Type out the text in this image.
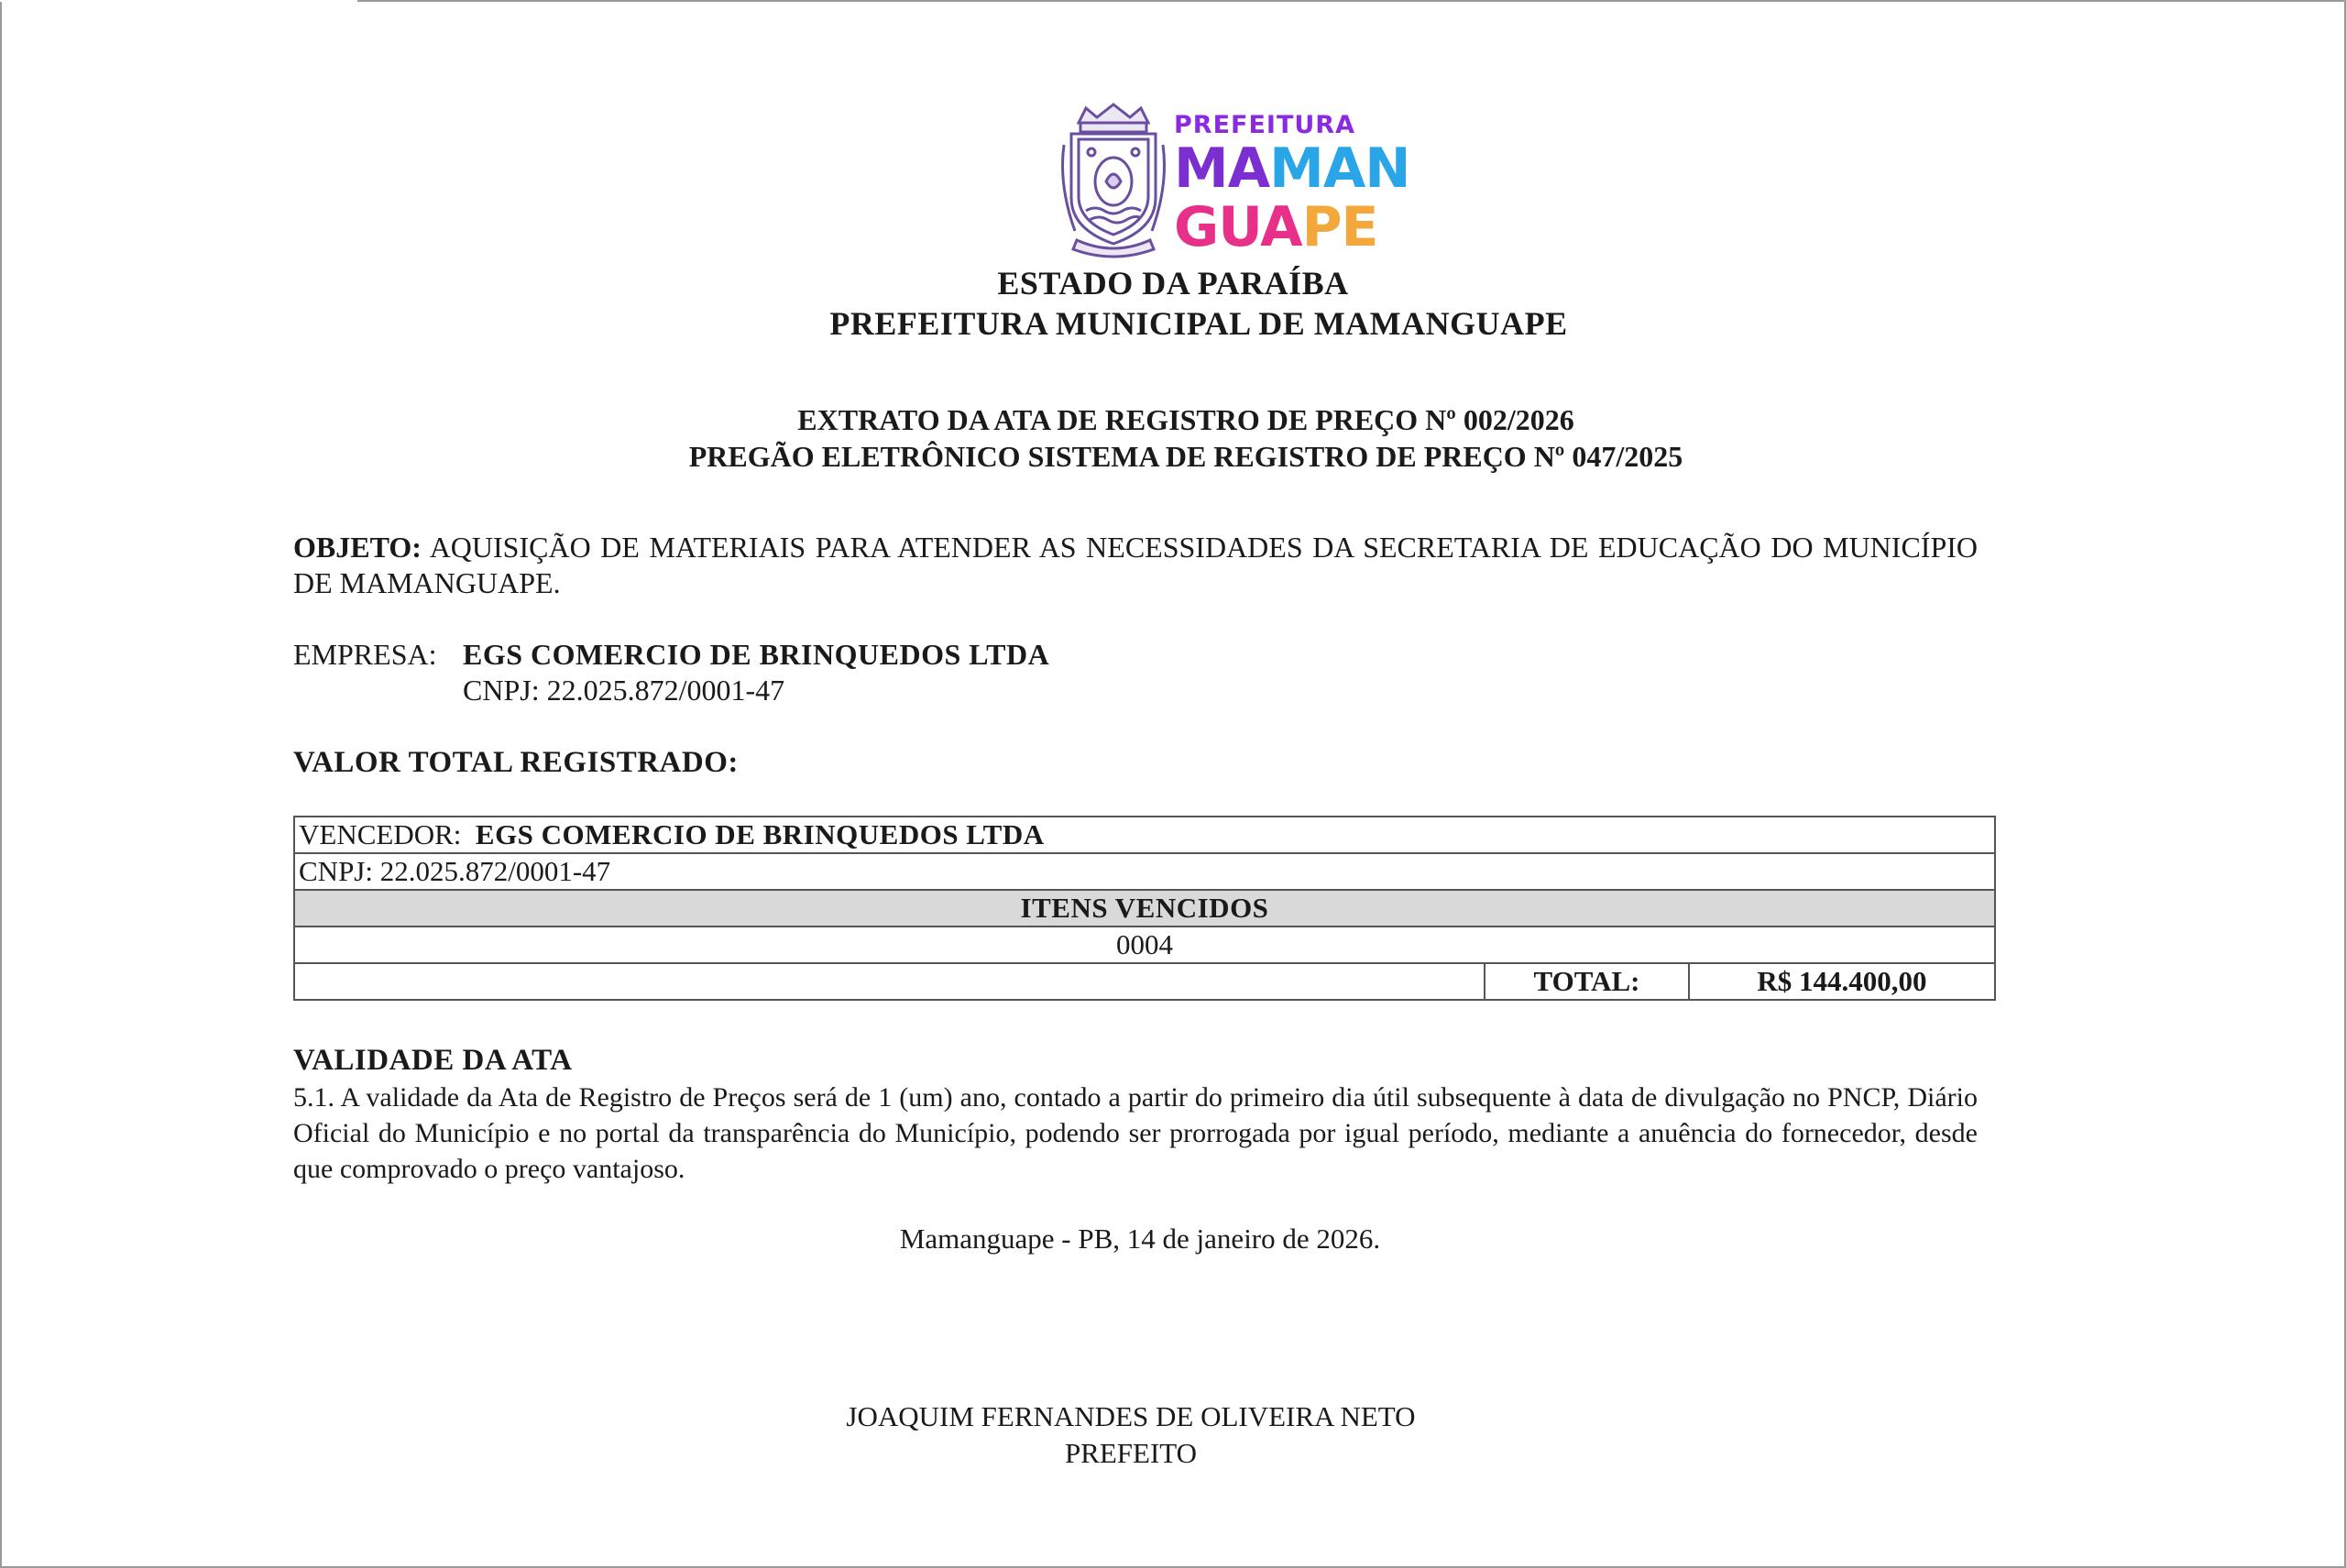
PREFEITURA
MAMAN
GUAPE
ESTADO DA PARAÍBA
PREFEITURA MUNICIPAL DE MAMANGUAPE
EXTRATO DA ATA DE REGISTRO DE PREÇO Nº 002/2026
PREGÃO ELETRÔNICO SISTEMA DE REGISTRO DE PREÇO Nº 047/2025
OBJETO: AQUISIÇÃO DE MATERIAIS PARA ATENDER AS NECESSIDADES DA SECRETARIA DE EDUCAÇÃO DO MUNICÍPIO DE MAMANGUAPE.
EMPRESA: EGS COMERCIO DE BRINQUEDOS LTDA
CNPJ: 22.025.872/0001-47
VALOR TOTAL REGISTRADO:
VENCEDOR: EGS COMERCIO DE BRINQUEDOS LTDA
CNPJ: 22.025.872/0001-47
ITENS VENCIDOS
0004
	TOTAL:	R$ 144.400,00
VALIDADE DA ATA
5.1. A validade da Ata de Registro de Preços será de 1 (um) ano, contado a partir do primeiro dia útil subsequente à data de divulgação no PNCP, Diário Oficial do Município e no portal da transparência do Município, podendo ser prorrogada por igual período, mediante a anuência do fornecedor, desde que comprovado o preço vantajoso.
Mamanguape - PB, 14 de janeiro de 2026.
JOAQUIM FERNANDES DE OLIVEIRA NETO
PREFEITO
